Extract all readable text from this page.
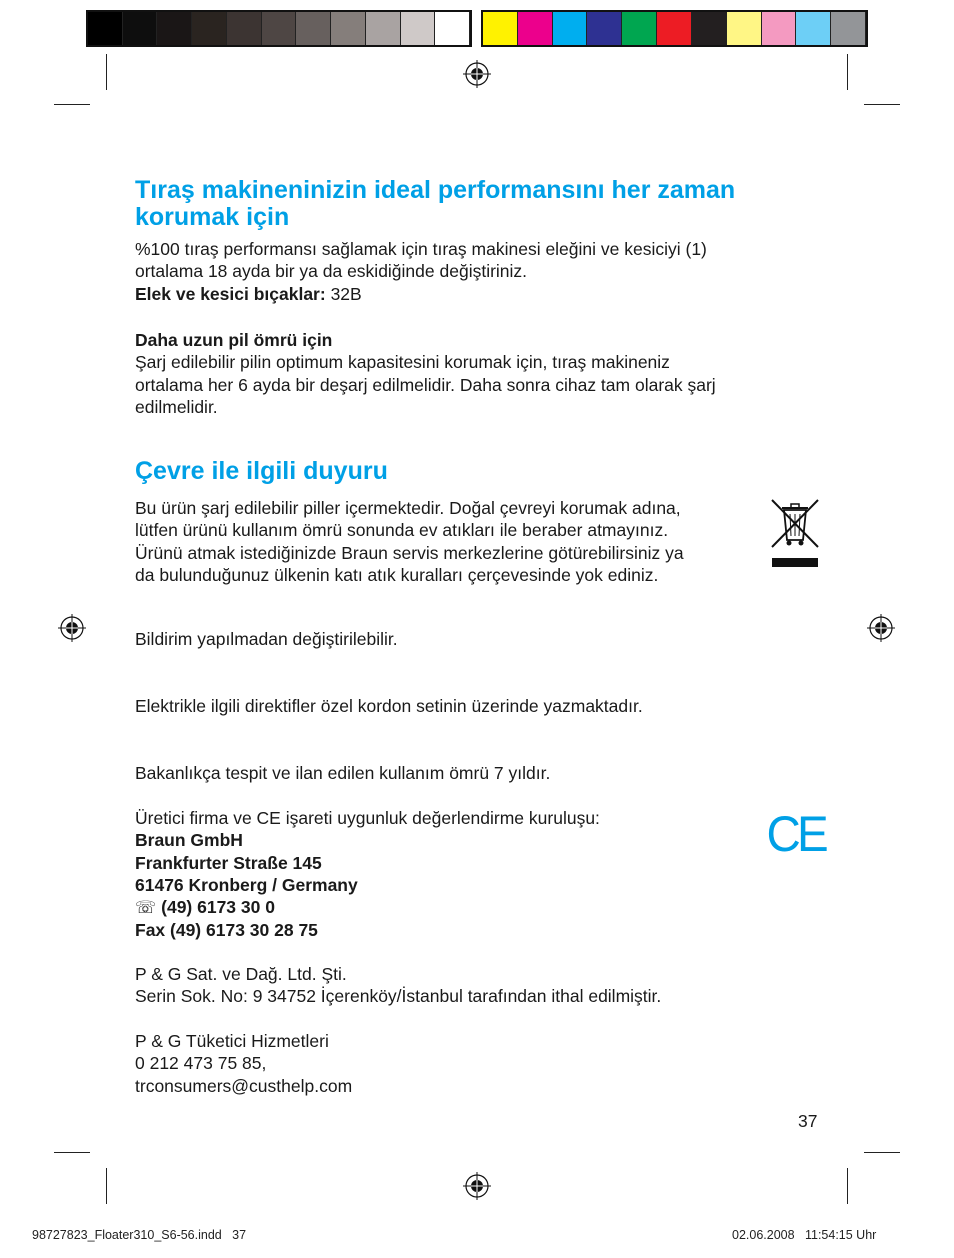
Tıraş makineninizin ideal performansını her zaman
korumak için
%100 tıraş performansı sağlamak için tıraş makinesi eleğini ve kesiciyi (1)
ortalama 18 ayda bir ya da eskidiğinde değiştiriniz.
Elek ve kesici bıçaklar: 32B
Daha uzun pil ömrü için
Şarj edilebilir pilin optimum kapasitesini korumak için, tıraş makineniz
ortalama her 6 ayda bir deşarj edilmelidir. Daha sonra cihaz tam olarak şarj
edilmelidir.
Çevre ile ilgili duyuru
Bu ürün şarj edilebilir piller içermektedir. Doğal çevreyi korumak adına,
lütfen ürünü kullanım ömrü sonunda ev atıkları ile beraber atmayınız.
Ürünü atmak istediğinizde Braun servis merkezlerine götürebilirsiniz ya
da bulunduğunuz ülkenin katı atık kuralları çerçevesinde yok ediniz.
Bildirim yapılmadan değiştirilebilir.
Elektrikle ilgili direktifler özel kordon setinin üzerinde yazmaktadır.
Bakanlıkça tespit ve ilan edilen kullanım ömrü 7 yıldır.
Üretici firma ve CE işareti uygunluk değerlendirme kuruluşu:
Braun GmbH
Frankfurter Straße 145
61476 Kronberg / Germany
☏ (49) 6173 30 0
Fax (49) 6173 30 28 75
CE
P & G Sat. ve Dağ. Ltd. Şti.
Serin Sok. No: 9 34752 İçerenköy/İstanbul tarafından ithal edilmiştir.
P & G Tüketici Hizmetleri
0 212 473 75 85,
trconsumers@custhelp.com
37
98727823_Floater310_S6-56.indd   37	02.06.2008   11:54:15 Uhr
